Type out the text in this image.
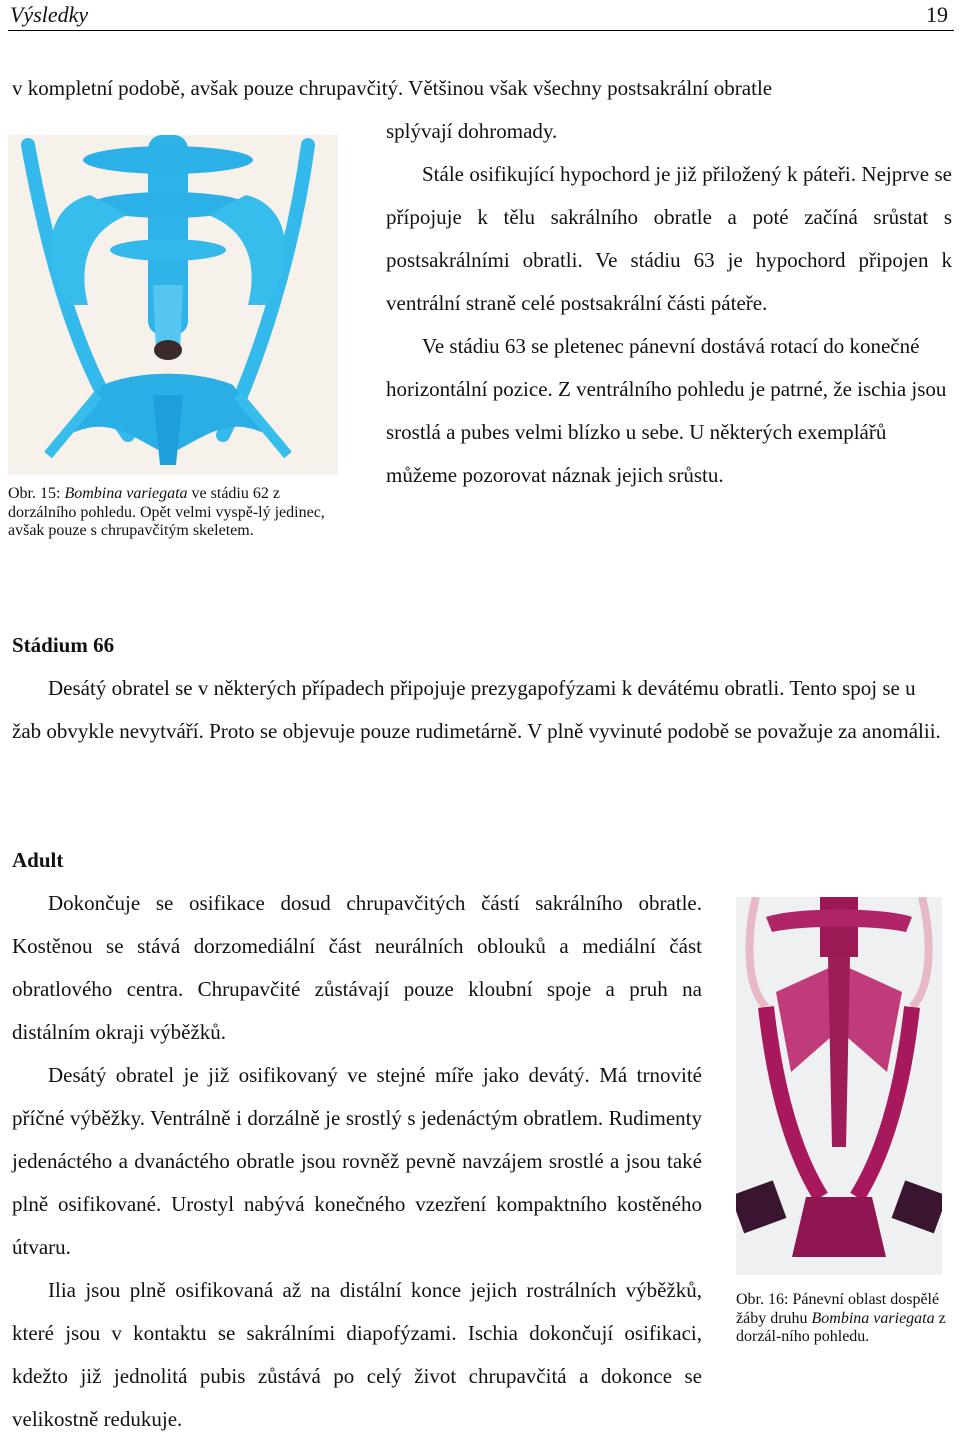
Výsledky	19

v kompletní podobě, avšak pouze chrupavčitý. Většinou však všechny postsakrální obratle

splývají dohromady.

Stále osifikující hypochord je již přiložený k páteři. Nejprve se přípojuje k tělu sakrálního obratle a poté začíná srůstat s postsakrálními obratli. Ve stádiu 63 je hypochord připojen k ventrální straně celé postsakrální části páteře.

Ve stádiu 63 se pletenec pánevní dostává rotací do konečné horizontální pozice. Z ventrálního pohledu je patrné, že ischia jsou srostlá a pubes velmi blízko u sebe. U některých exemplářů můžeme pozorovat náznak jejich srůstu.

Obr. 15: Bombina variegata ve stádiu 62 z dorzálního pohledu. Opět velmi vyspě-lý jedinec, avšak pouze s chrupavčitým skeletem.

Stádium 66

Desátý obratel se v některých případech připojuje prezygapofýzami k devátému obratli. Tento spoj se u žab obvykle nevytváří. Proto se objevuje pouze rudimetárně. V plně vyvinuté podobě se považuje za anomálii.

Adult

Dokončuje se osifikace dosud chrupavčitých částí sakrálního obratle. Kostěnou se stává dorzomediální část neurálních oblouků a mediální část obratlového centra. Chrupavčité zůstávají pouze kloubní spoje a pruh na distálním okraji výběžků.

Desátý obratel je již osifikovaný ve stejné míře jako devátý. Má trnovité příčné výběžky. Ventrálně i dorzálně je srostlý s jedenáctým obratlem. Rudimenty jedenáctého a dvanáctého obratle jsou rovněž pevně navzájem srostlé a jsou také plně osifikované. Urostyl nabývá konečného vzezření kompaktního kostěného útvaru.

Ilia jsou plně osifikovaná až na distální konce jejich rostrálních výběžků, které jsou v kontaktu se sakrálními diapofýzami. Ischia dokončují osifikaci, kdežto již jednolitá pubis zůstává po celý život chrupavčitá a dokonce se velikostně redukuje.

Obr. 16: Pánevní oblast dospělé žáby druhu Bombina variegata z dorzál-ního pohledu.
